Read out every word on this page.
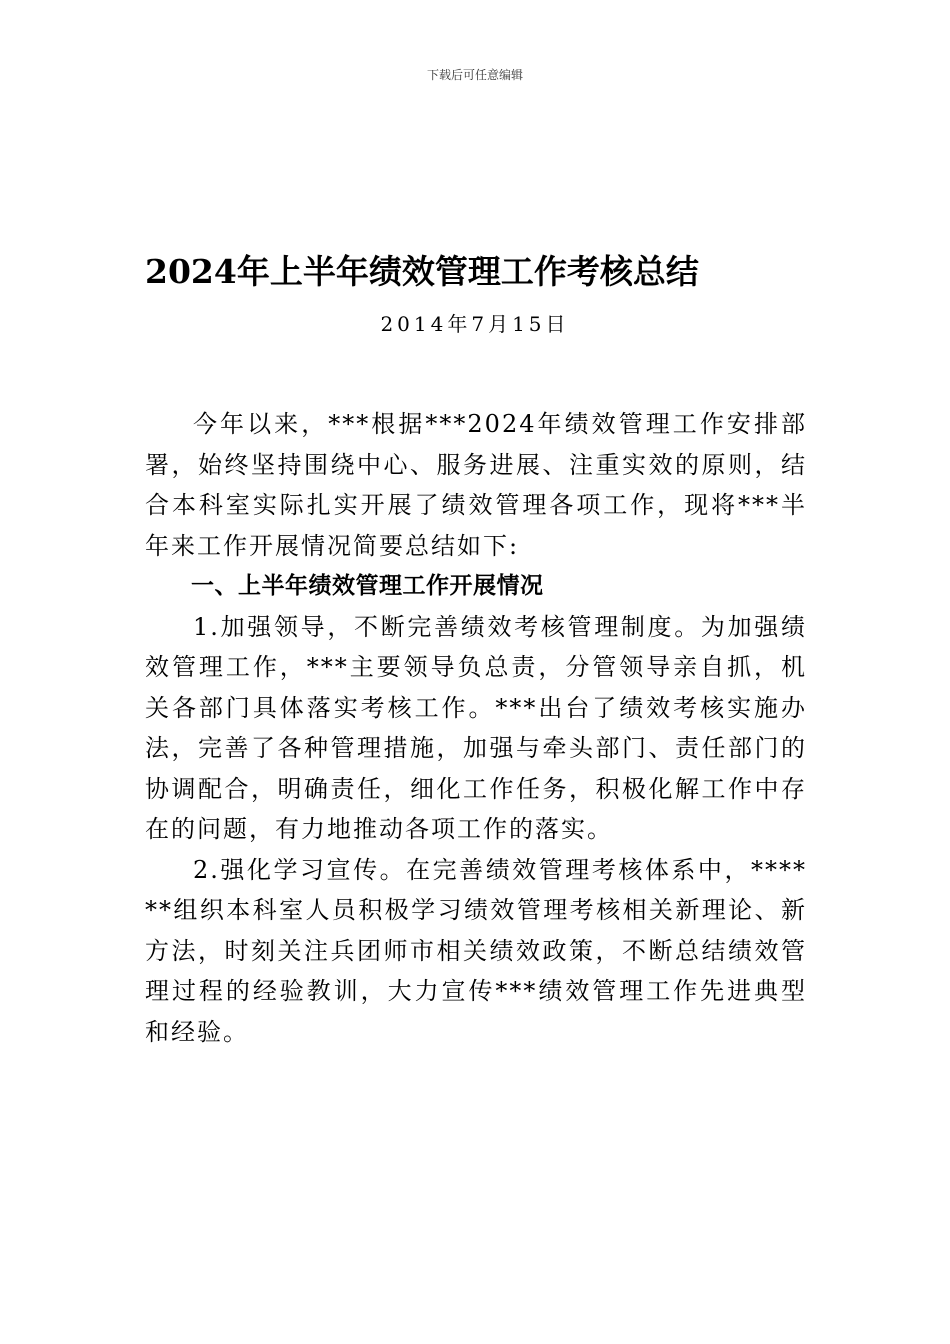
下载后可任意编辑
2024年上半年绩效管理工作考核总结
2014年7月15日

今年以来，***根据***2024年绩效管理工作安排部署，始终坚持围绕中心、服务进展、注重实效的原则，结合本科室实际扎实开展了绩效管理各项工作，现将***半年来工作开展情况简要总结如下:

一、上半年绩效管理工作开展情况

1.加强领导，不断完善绩效考核管理制度。为加强绩效管理工作，***主要领导负总责，分管领导亲自抓，机关各部门具体落实考核工作。***出台了绩效考核实施办法，完善了各种管理措施，加强与牵头部门、责任部门的协调配合，明确责任，细化工作任务，积极化解工作中存在的问题，有力地推动各项工作的落实。

2.强化学习宣传。在完善绩效管理考核体系中，******组织本科室人员积极学习绩效管理考核相关新理论、新方法，时刻关注兵团师市相关绩效政策，不断总结绩效管理过程的经验教训，大力宣传***绩效管理工作先进典型和经验。
